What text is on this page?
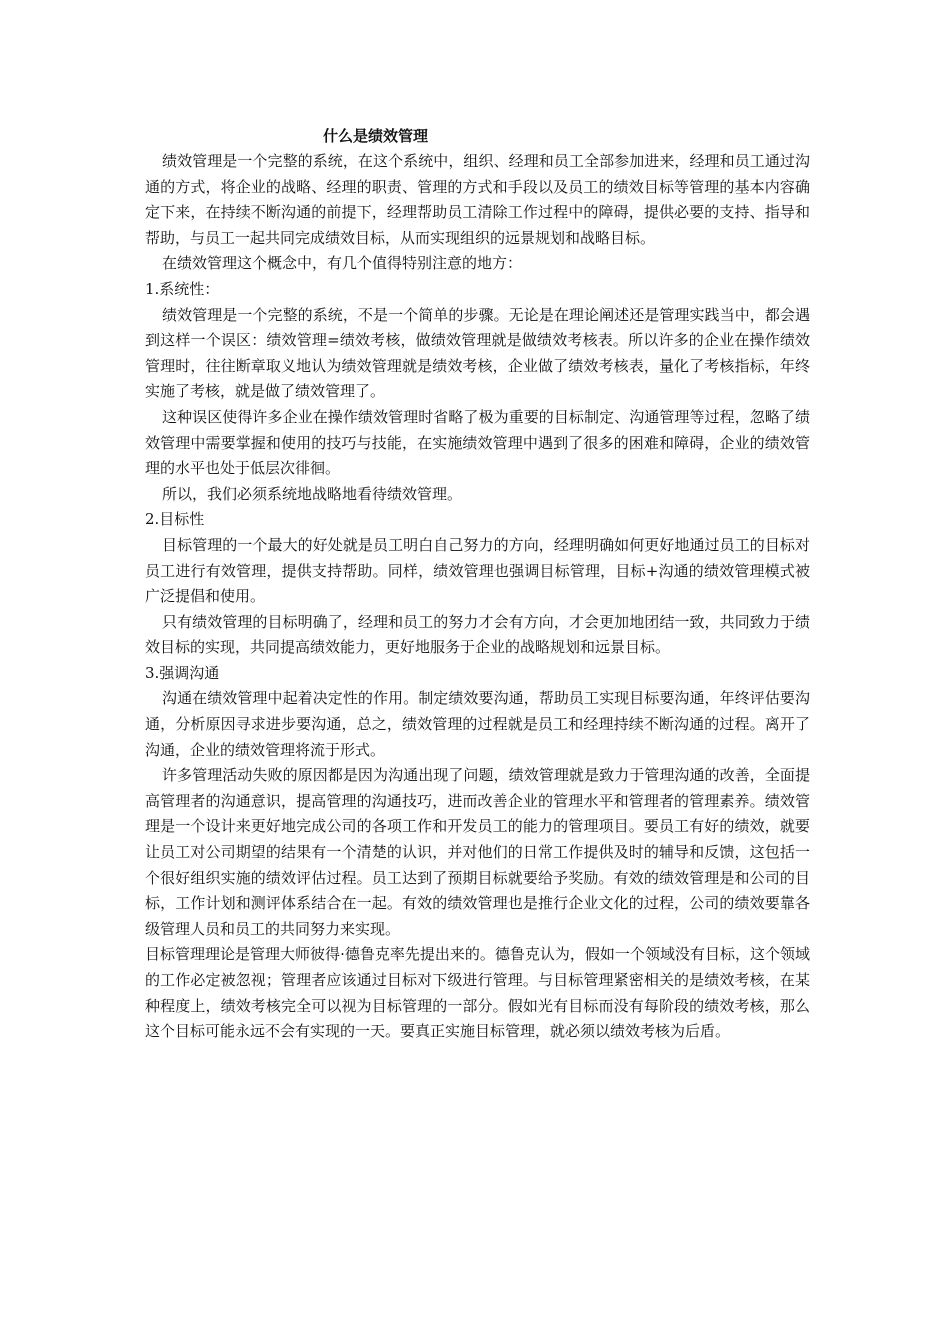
什么是绩效管理

绩效管理是一个完整的系统，在这个系统中，组织、经理和员工全部参加进来，经理和员工通过沟通的方式，将企业的战略、经理的职责、管理的方式和手段以及员工的绩效目标等管理的基本内容确定下来，在持续不断沟通的前提下，经理帮助员工清除工作过程中的障碍，提供必要的支持、指导和帮助，与员工一起共同完成绩效目标，从而实现组织的远景规划和战略目标。

在绩效管理这个概念中，有几个值得特别注意的地方：

1.系统性：

绩效管理是一个完整的系统，不是一个简单的步骤。无论是在理论阐述还是管理实践当中，都会遇到这样一个误区：绩效管理=绩效考核，做绩效管理就是做绩效考核表。所以许多的企业在操作绩效管理时，往往断章取义地认为绩效管理就是绩效考核，企业做了绩效考核表，量化了考核指标，年终实施了考核，就是做了绩效管理了。

这种误区使得许多企业在操作绩效管理时省略了极为重要的目标制定、沟通管理等过程，忽略了绩效管理中需要掌握和使用的技巧与技能，在实施绩效管理中遇到了很多的困难和障碍，企业的绩效管理的水平也处于低层次徘徊。

所以，我们必须系统地战略地看待绩效管理。

2.目标性

目标管理的一个最大的好处就是员工明白自己努力的方向，经理明确如何更好地通过员工的目标对员工进行有效管理，提供支持帮助。同样，绩效管理也强调目标管理，目标+沟通的绩效管理模式被广泛提倡和使用。

只有绩效管理的目标明确了，经理和员工的努力才会有方向，才会更加地团结一致，共同致力于绩效目标的实现，共同提高绩效能力，更好地服务于企业的战略规划和远景目标。

3.强调沟通

沟通在绩效管理中起着决定性的作用。制定绩效要沟通，帮助员工实现目标要沟通，年终评估要沟通，分析原因寻求进步要沟通，总之，绩效管理的过程就是员工和经理持续不断沟通的过程。离开了沟通，企业的绩效管理将流于形式。

许多管理活动失败的原因都是因为沟通出现了问题，绩效管理就是致力于管理沟通的改善，全面提高管理者的沟通意识，提高管理的沟通技巧，进而改善企业的管理水平和管理者的管理素养。绩效管理是一个设计来更好地完成公司的各项工作和开发员工的能力的管理项目。要员工有好的绩效，就要让员工对公司期望的结果有一个清楚的认识，并对他们的日常工作提供及时的辅导和反馈，这包括一个很好组织实施的绩效评估过程。员工达到了预期目标就要给予奖励。有效的绩效管理是和公司的目标，工作计划和测评体系结合在一起。有效的绩效管理也是推行企业文化的过程，公司的绩效要靠各级管理人员和员工的共同努力来实现。

目标管理理论是管理大师彼得·德鲁克率先提出来的。德鲁克认为，假如一个领域没有目标，这个领域的工作必定被忽视；管理者应该通过目标对下级进行管理。与目标管理紧密相关的是绩效考核，在某种程度上，绩效考核完全可以视为目标管理的一部分。假如光有目标而没有每阶段的绩效考核，那么这个目标可能永远不会有实现的一天。要真正实施目标管理，就必须以绩效考核为后盾。
